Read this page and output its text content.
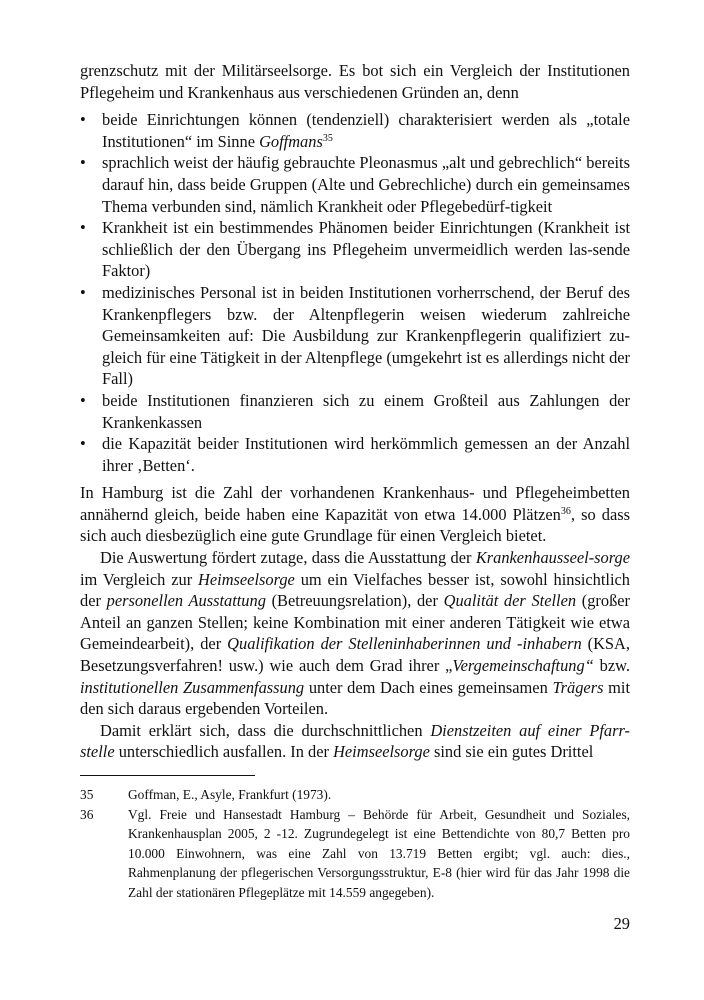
grenzschutz mit der Militärseelsorge. Es bot sich ein Vergleich der Institutionen Pflegeheim und Krankenhaus aus verschiedenen Gründen an, denn

• beide Einrichtungen können (tendenziell) charakterisiert werden als „totale Institutionen“ im Sinne Goffmans$^{35}$
• sprachlich weist der häufig gebrauchte Pleonasmus „alt und gebrechlich“ bereits darauf hin, dass beide Gruppen (Alte und Gebrechliche) durch ein gemeinsames Thema verbunden sind, nämlich Krankheit oder Pflegebedürf-tigkeit
• Krankheit ist ein bestimmendes Phänomen beider Einrichtungen (Krankheit ist schließlich der den Übergang ins Pflegeheim unvermeidlich werden las-sende Faktor)
• medizinisches Personal ist in beiden Institutionen vorherrschend, der Beruf des Krankenpflegers bzw. der Altenpflegerin weisen wiederum zahlreiche Gemeinsamkeiten auf: Die Ausbildung zur Krankenpflegerin qualifiziert zu-gleich für eine Tätigkeit in der Altenpflege (umgekehrt ist es allerdings nicht der Fall)
• beide Institutionen finanzieren sich zu einem Großteil aus Zahlungen der Krankenkassen
• die Kapazität beider Institutionen wird herkömmlich gemessen an der Anzahl ihrer ‚Betten‘.

In Hamburg ist die Zahl der vorhandenen Krankenhaus- und Pflegeheimbetten annähernd gleich, beide haben eine Kapazität von etwa 14.000 Plätzen$^{36}$, so dass sich auch diesbezüglich eine gute Grundlage für einen Vergleich bietet.

Die Auswertung fördert zutage, dass die Ausstattung der Krankenhausseel-sorge im Vergleich zur Heimseelsorge um ein Vielfaches besser ist, sowohl hinsichtlich der personellen Ausstattung (Betreuungsrelation), der Qualität der Stellen (großer Anteil an ganzen Stellen; keine Kombination mit einer anderen Tätigkeit wie etwa Gemeindearbeit), der Qualifikation der Stelleninhaberinnen und -inhabern (KSA, Besetzungsverfahren! usw.) wie auch dem Grad ihrer „Vergemeinschaftung“ bzw. institutionellen Zusammenfassung unter dem Dach eines gemeinsamen Trägers mit den sich daraus ergebenden Vorteilen.

Damit erklärt sich, dass die durchschnittlichen Dienstzeiten auf einer Pfarr-stelle unterschiedlich ausfallen. In der Heimseelsorge sind sie ein gutes Drittel

35	Goffman, E., Asyle, Frankfurt (1973).
36	Vgl. Freie und Hansestadt Hamburg – Behörde für Arbeit, Gesundheit und Soziales, Krankenhausplan 2005, 2 -12. Zugrundegelegt ist eine Bettendichte von 80,7 Betten pro 10.000 Einwohnern, was eine Zahl von 13.719 Betten ergibt; vgl. auch: dies., Rahmenplanung der pflegerischen Versorgungsstruktur, E-8 (hier wird für das Jahr 1998 die Zahl der stationären Pflegeplätze mit 14.559 angegeben).
29
